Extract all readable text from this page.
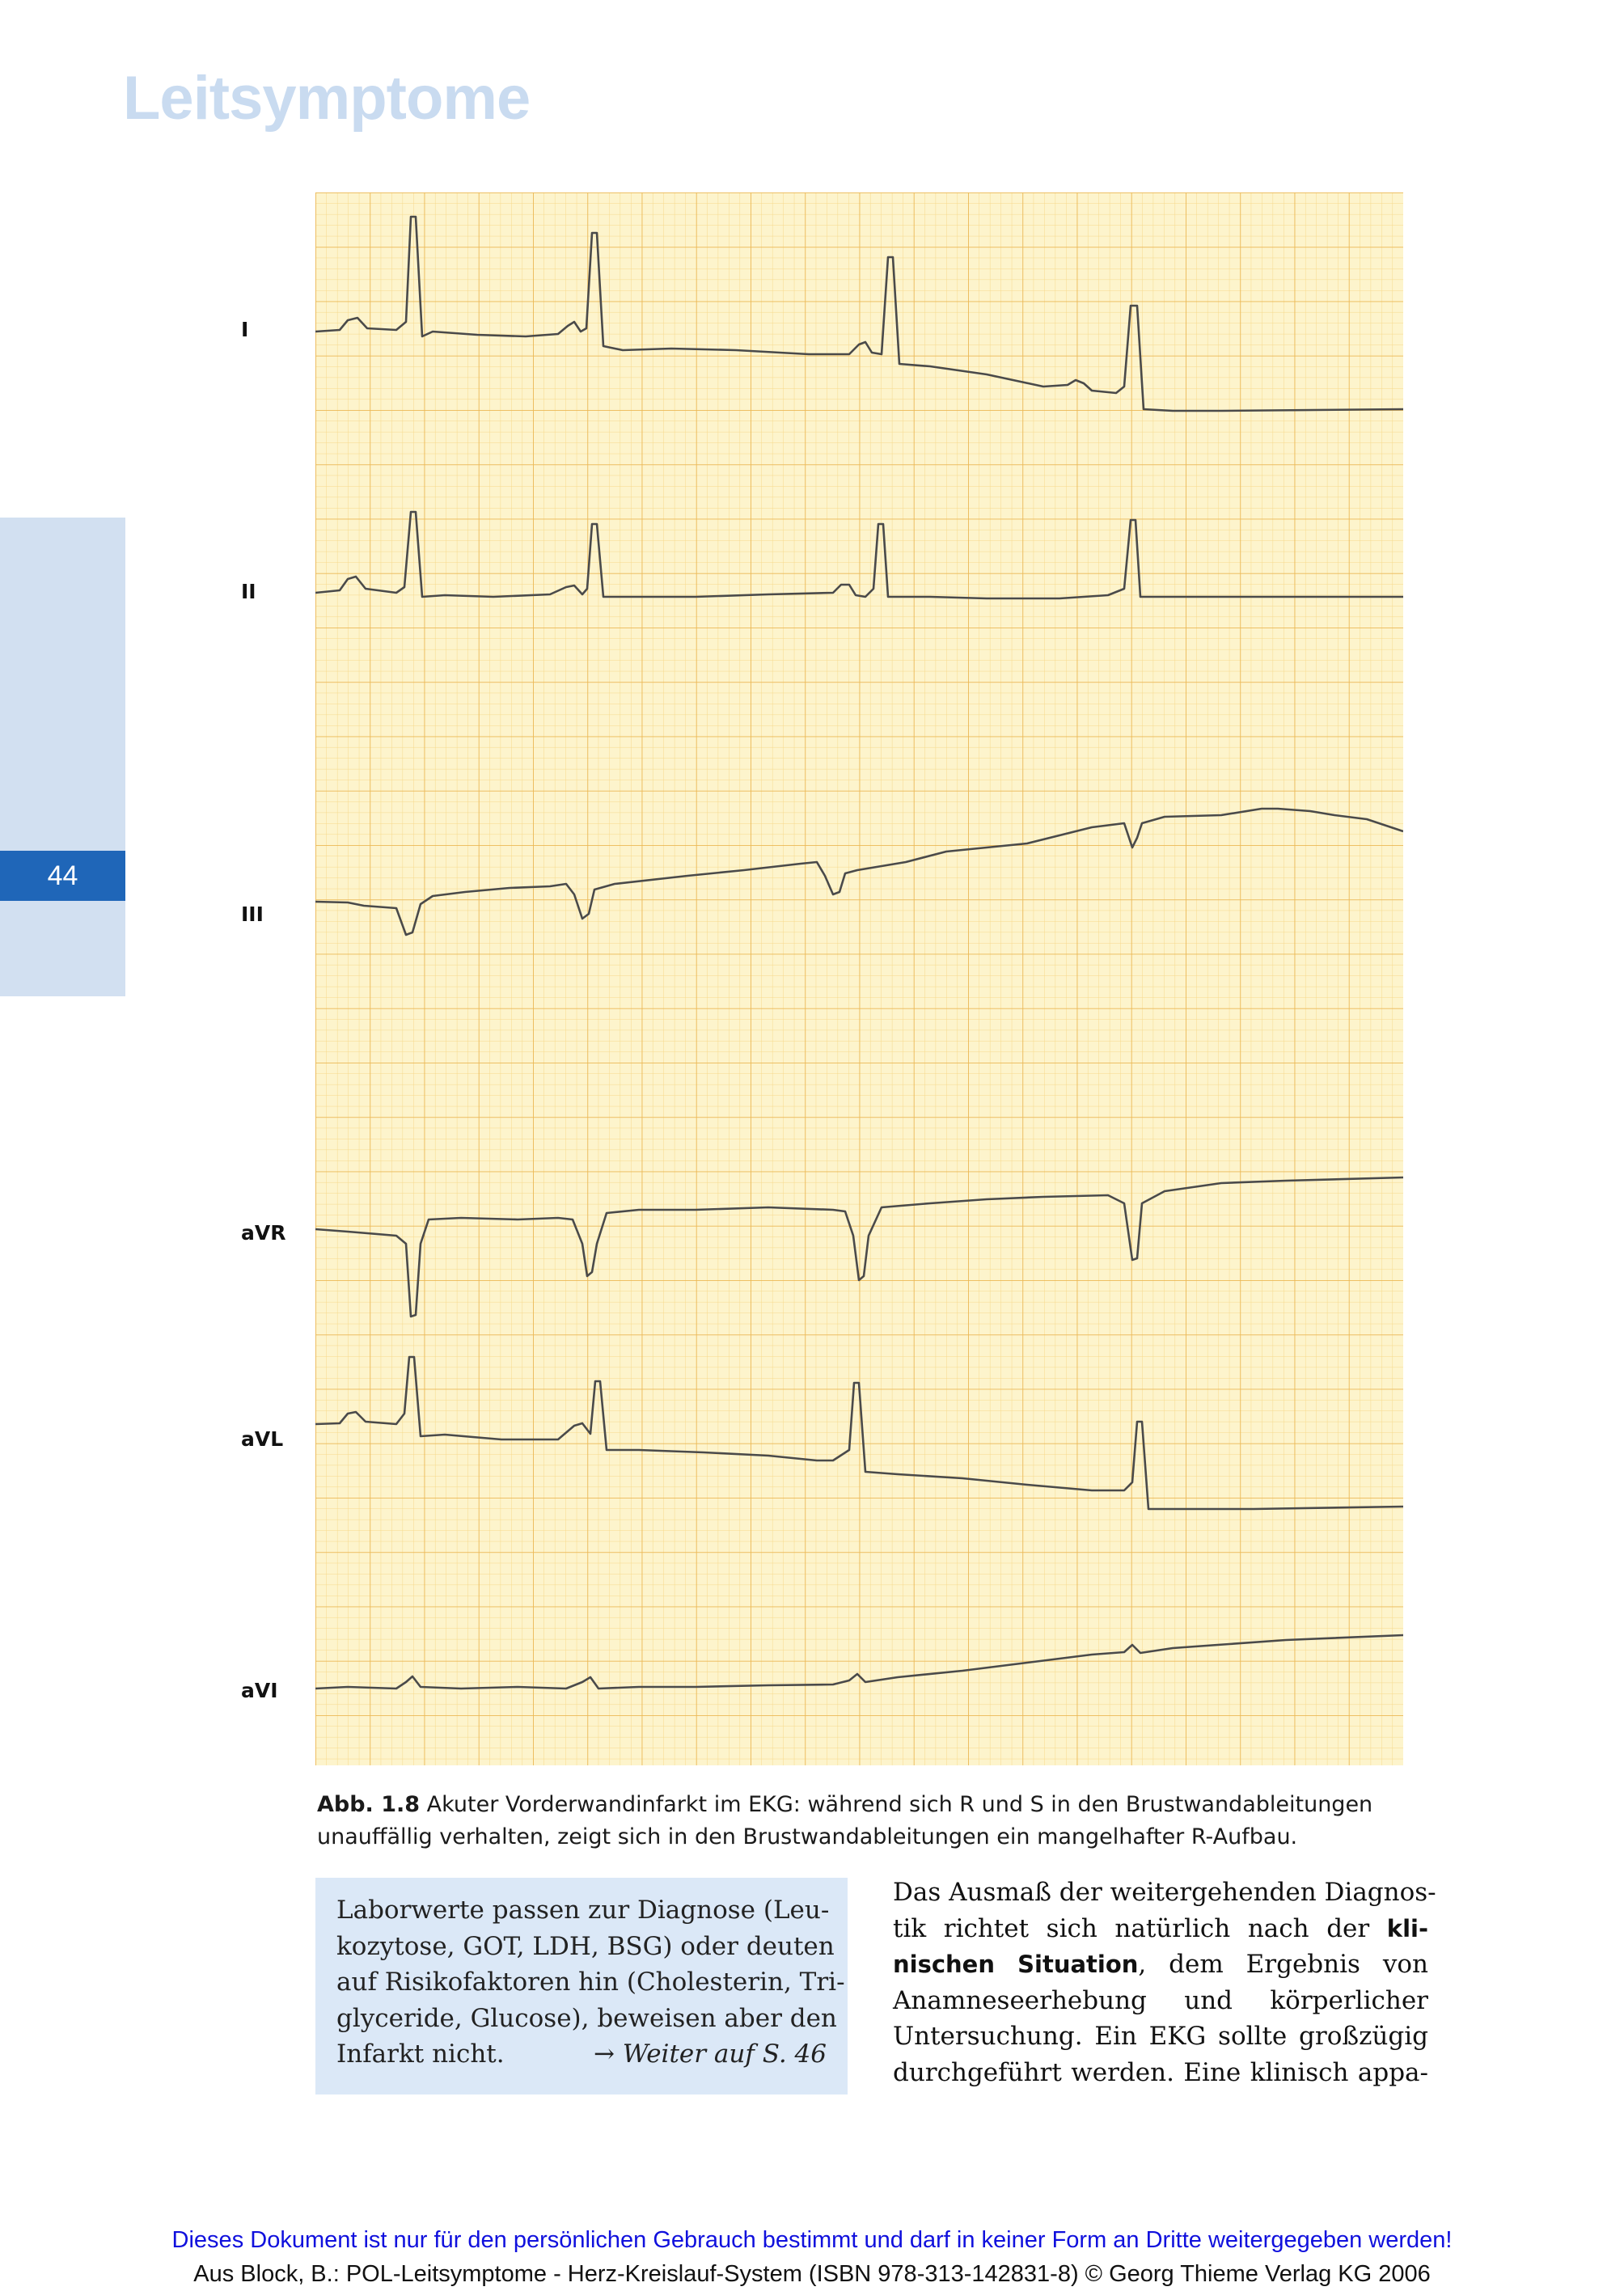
Leitsymptome
44
I
II
III
aVR
aVL
aVI
Abb. 1.8 Akuter Vorderwandinfarkt im EKG: während sich R und S in den Brustwandableitungen
unauffällig verhalten, zeigt sich in den Brustwandableitungen ein mangelhafter R-Aufbau.
Laborwerte passen zur Diagnose (Leu-
kozytose, GOT, LDH, BSG) oder deuten
auf Risikofaktoren hin (Cholesterin, Tri-
glyceride, Glucose), beweisen aber den
Infarkt nicht.	→ Weiter auf S. 46
Das Ausmaß der weitergehenden Diagnos-
tik richtet sich natürlich nach der kli-
nischen Situation, dem Ergebnis von
Anamneseerhebung und körperlicher
Untersuchung. Ein EKG sollte großzügig
durchgeführt werden. Eine klinisch appa-
Dieses Dokument ist nur für den persönlichen Gebrauch bestimmt und darf in keiner Form an Dritte weitergegeben werden!
Aus Block, B.: POL-Leitsymptome - Herz-Kreislauf-System (ISBN 978-313-142831-8) © Georg Thieme Verlag KG 2006
